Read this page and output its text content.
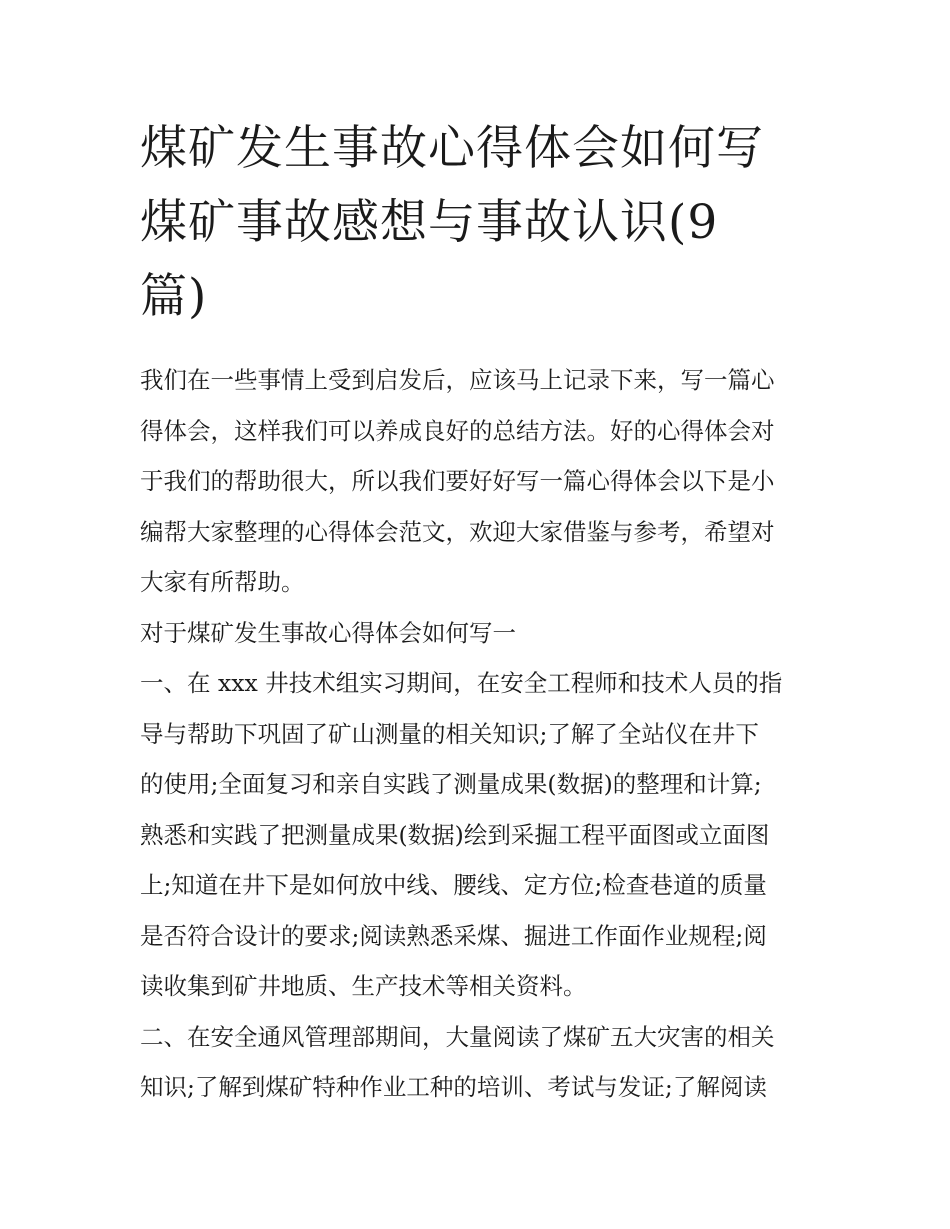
煤矿发生事故心得体会如何写
煤矿事故感想与事故认识(9
篇)
我们在一些事情上受到启发后，应该马上记录下来，写一篇心
得体会，这样我们可以养成良好的总结方法。好的心得体会对
于我们的帮助很大，所以我们要好好写一篇心得体会以下是小
编帮大家整理的心得体会范文，欢迎大家借鉴与参考，希望对
大家有所帮助。
对于煤矿发生事故心得体会如何写一
一、在 xxx 井技术组实习期间，在安全工程师和技术人员的指
导与帮助下巩固了矿山测量的相关知识;了解了全站仪在井下
的使用;全面复习和亲自实践了测量成果(数据)的整理和计算;
熟悉和实践了把测量成果(数据)绘到采掘工程平面图或立面图
上;知道在井下是如何放中线、腰线、定方位;检查巷道的质量
是否符合设计的要求;阅读熟悉采煤、掘进工作面作业规程;阅
读收集到矿井地质、生产技术等相关资料。
二、在安全通风管理部期间，大量阅读了煤矿五大灾害的相关
知识;了解到煤矿特种作业工种的培训、考试与发证;了解阅读
